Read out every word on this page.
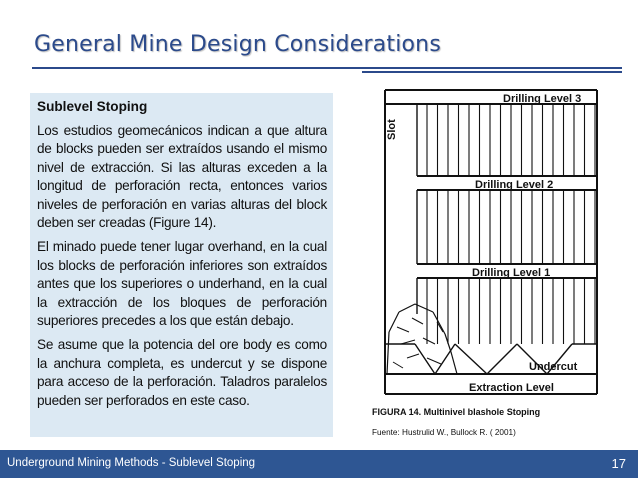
General Mine Design Considerations
Sublevel Stoping

Los estudios geomecánicos indican a que altura de blocks pueden ser extraídos usando el mismo nivel de extracción. Si las alturas exceden a la longitud de perforación recta, entonces varios niveles de perforación en varias alturas del block deben ser creadas (Figure 14).

El minado puede tener lugar overhand, en la cual los blocks de perforación inferiores son extraídos antes que los superiores o underhand, en la cual la extracción de los bloques de perforación superiores precedes a los que están debajo.

Se asume que la potencia del ore body es como la anchura completa, es undercut y se dispone para acceso de la perforación. Taladros paralelos pueden ser perforados en este caso.

Drilling Level 3
Drilling Level 2
Drilling Level 1
Slot
Undercut
Extraction Level

FIGURA 14. Multinivel blashole Stoping

Fuente: Hustrulid W., Bullock R. ( 2001)

Underground Mining Methods - Sublevel Stoping	17
